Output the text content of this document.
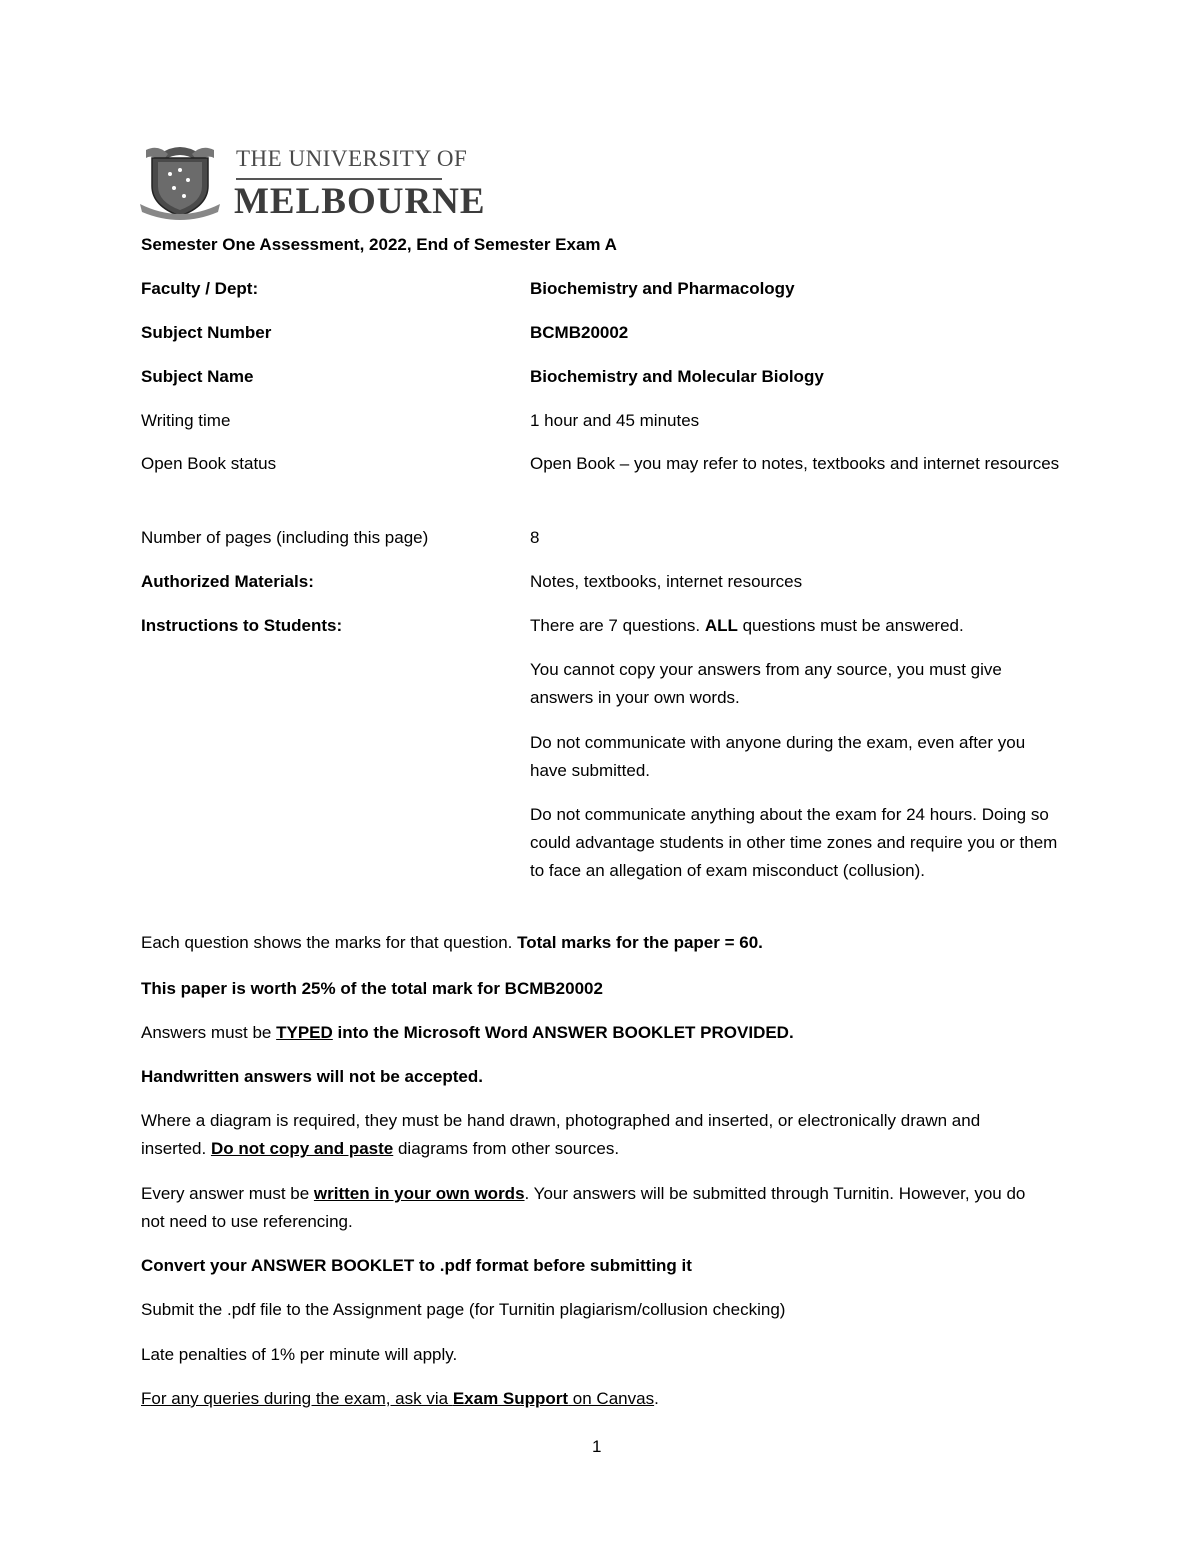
THE UNIVERSITY OF
MELBOURNE
Semester One Assessment, 2022, End of Semester Exam A
Faculty / Dept:	Biochemistry and Pharmacology
Subject Number	BCMB20002
Subject Name	Biochemistry and Molecular Biology
Writing time	1 hour and 45 minutes
Open Book status	Open Book – you may refer to notes, textbooks and internet resources
Number of pages (including this page)	8
Authorized Materials:	Notes, textbooks, internet resources
Instructions to Students:	There are 7 questions. ALL questions must be answered.
You cannot copy your answers from any source, you must give answers in your own words.
Do not communicate with anyone during the exam, even after you have submitted.
Do not communicate anything about the exam for 24 hours. Doing so could advantage students in other time zones and require you or them to face an allegation of exam misconduct (collusion).
Each question shows the marks for that question. Total marks for the paper = 60.
This paper is worth 25% of the total mark for BCMB20002
Answers must be TYPED into the Microsoft Word ANSWER BOOKLET PROVIDED.
Handwritten answers will not be accepted.
Where a diagram is required, they must be hand drawn, photographed and inserted, or electronically drawn and inserted. Do not copy and paste diagrams from other sources.
Every answer must be written in your own words. Your answers will be submitted through Turnitin. However, you do not need to use referencing.
Convert your ANSWER BOOKLET to .pdf format before submitting it
Submit the .pdf file to the Assignment page (for Turnitin plagiarism/collusion checking)
Late penalties of 1% per minute will apply.
For any queries during the exam, ask via Exam Support on Canvas.
1
